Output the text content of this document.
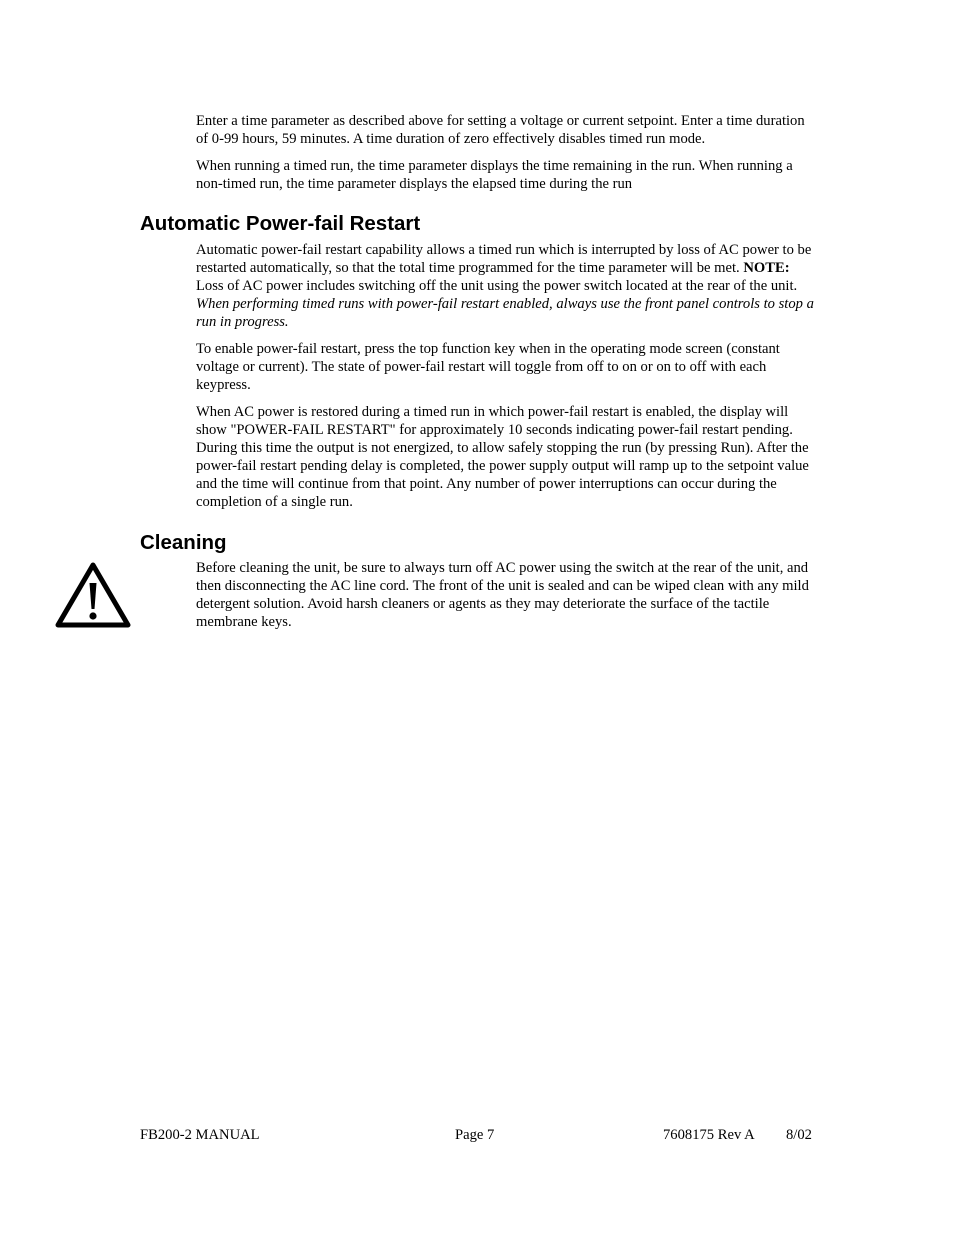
Enter a time parameter as described above for setting a voltage or current setpoint. Enter a time duration of 0-99 hours, 59 minutes. A time duration of zero effectively disables timed run mode.

When running a timed run, the time parameter displays the time remaining in the run. When running a non-timed run, the time parameter displays the elapsed time during the run

Automatic Power-fail Restart

Automatic power-fail restart capability allows a timed run which is interrupted by loss of AC power to be restarted automatically, so that the total time programmed for the time parameter will be met. NOTE: Loss of AC power includes switching off the unit using the power switch located at the rear of the unit. When performing timed runs with power-fail restart enabled, always use the front panel controls to stop a run in progress.

To enable power-fail restart, press the top function key when in the operating mode screen (constant voltage or current). The state of power-fail restart will toggle from off to on or on to off with each keypress.

When AC power is restored during a timed run in which power-fail restart is enabled, the display will show "POWER-FAIL RESTART" for approximately 10 seconds indicating power-fail restart pending. During this time the output is not energized, to allow safely stopping the run (by pressing Run). After the power-fail restart pending delay is completed, the power supply output will ramp up to the setpoint value and the time will continue from that point. Any number of power interruptions can occur during the completion of a single run.

Cleaning

Before cleaning the unit, be sure to always turn off AC power using the switch at the rear of the unit, and then disconnecting the AC line cord. The front of the unit is sealed and can be wiped clean with any mild detergent solution. Avoid harsh cleaners or agents as they may deteriorate the surface of the tactile membrane keys.

FB200-2 MANUAL	Page 7	7608175 Rev A 8/02
